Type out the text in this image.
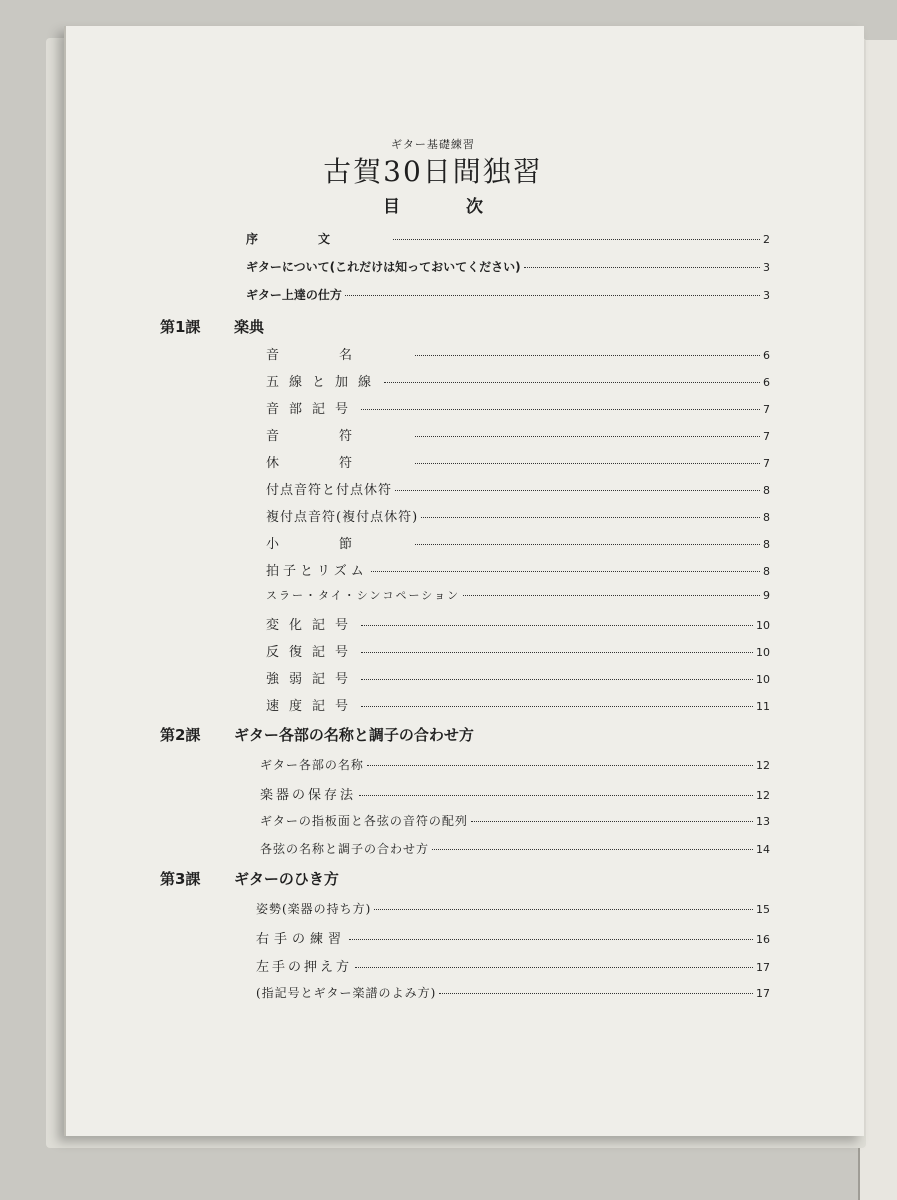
ギター基礎練習
古賀30日間独習
目次
序文	2
ギターについて(これだけは知っておいてください)	3
ギター上達の仕方	3
第1課	楽典
音名	6
五線と加線	6
音部記号	7
音符	7
休符	7
付点音符と付点休符	8
複付点音符(複付点休符)	8
小節	8
拍子とリズム	8
スラー・タイ・シンコペーション	9
変化記号	10
反復記号	10
強弱記号	10
速度記号	11
第2課	ギター各部の名称と調子の合わせ方
ギター各部の名称	12
楽器の保存法	12
ギターの指板面と各弦の音符の配列	13
各弦の名称と調子の合わせ方	14
第3課	ギターのひき方
姿勢(楽器の持ち方)	15
右手の練習	16
左手の押え方	17
(指記号とギター楽譜のよみ方)	17
